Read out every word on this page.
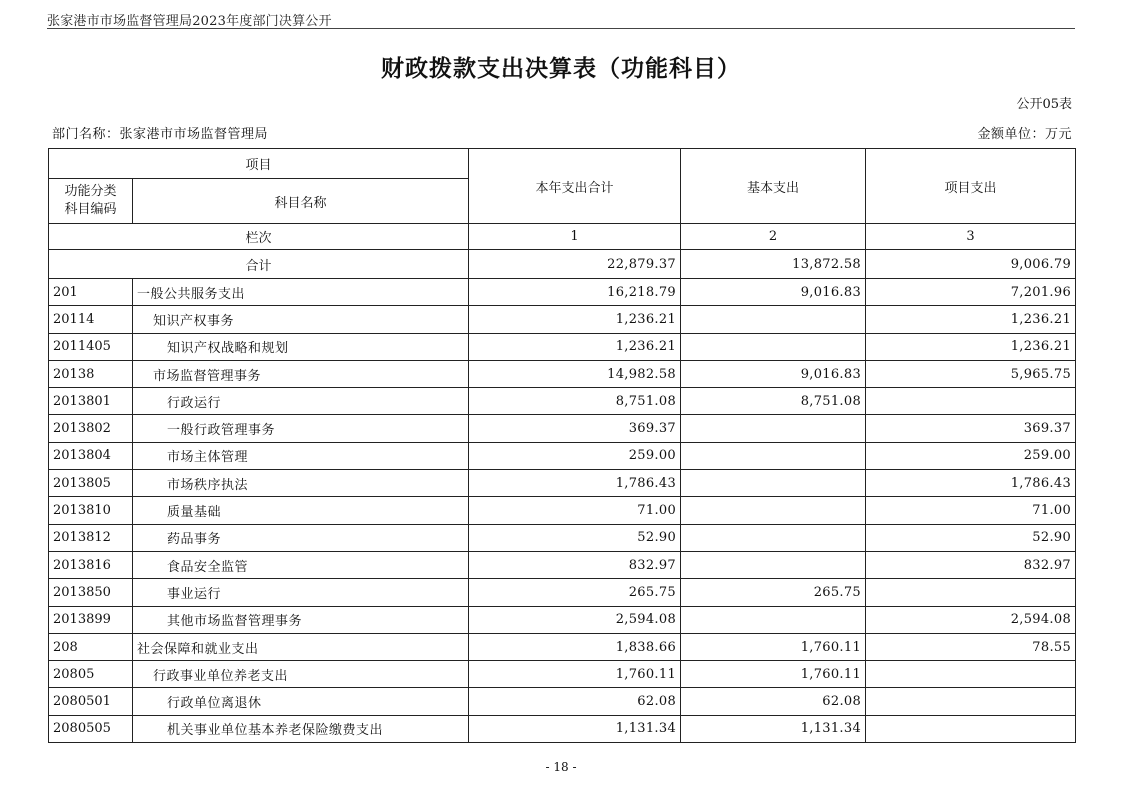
张家港市市场监督管理局2023年度部门决算公开
财政拨款支出决算表（功能科目）
公开05表
部门名称：张家港市市场监督管理局	金额单位：万元
项目		本年支出合计	基本支出	项目支出
功能分类
科目编码	科目名称			
栏次		1	2	3
合计		22,879.37	13,872.58	9,006.79
201	一般公共服务支出	16,218.79	9,016.83	7,201.96
20114	知识产权事务	1,236.21		1,236.21
2011405	知识产权战略和规划	1,236.21		1,236.21
20138	市场监督管理事务	14,982.58	9,016.83	5,965.75
2013801	行政运行	8,751.08	8,751.08	
2013802	一般行政管理事务	369.37		369.37
2013804	市场主体管理	259.00		259.00
2013805	市场秩序执法	1,786.43		1,786.43
2013810	质量基础	71.00		71.00
2013812	药品事务	52.90		52.90
2013816	食品安全监管	832.97		832.97
2013850	事业运行	265.75	265.75	
2013899	其他市场监督管理事务	2,594.08		2,594.08
208	社会保障和就业支出	1,838.66	1,760.11	78.55
20805	行政事业单位养老支出	1,760.11	1,760.11	
2080501	行政单位离退休	62.08	62.08	
2080505	机关事业单位基本养老保险缴费支出	1,131.34	1,131.34	
- 18 -
